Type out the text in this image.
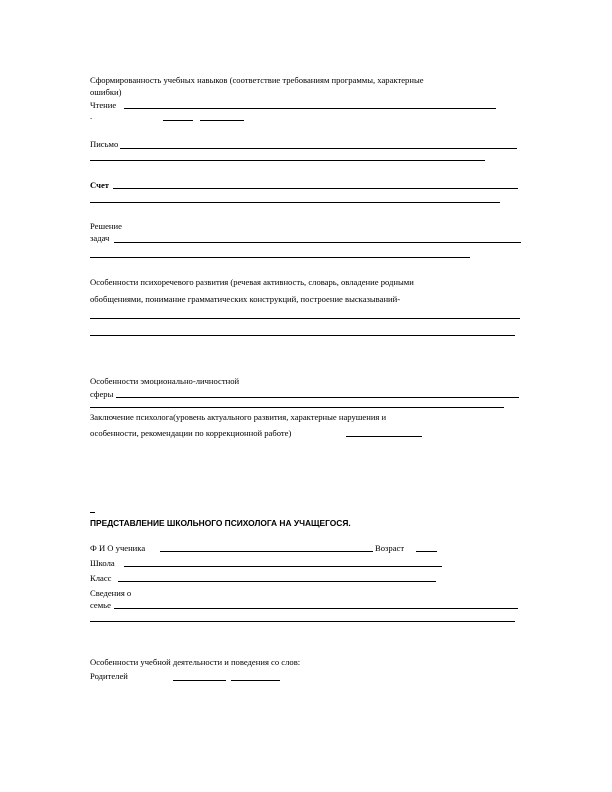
Сформированность учебных навыков (соответствие требованиям программы, характерные
ошибки)
Чтение
.
Письмо
Счет
Решение
задач
Особенности психоречевого развития (речевая активность, словарь, овладение родными
обобщениями, понимание грамматических конструкций, построение высказываний-
Особенности эмоционально-личностной
сферы
Заключение психолога(уровень актуального развития, характерные нарушения и
особенности, рекомендации по коррекционной работе)
ПРЕДСТАВЛЕНИЕ ШКОЛЬНОГО ПСИХОЛОГА НА УЧАЩЕГОСЯ.
Ф И О ученика	Возраст
Школа
Класс
Сведения о
семье
Особенности учебной деятельности и поведения со слов:
Родителей
